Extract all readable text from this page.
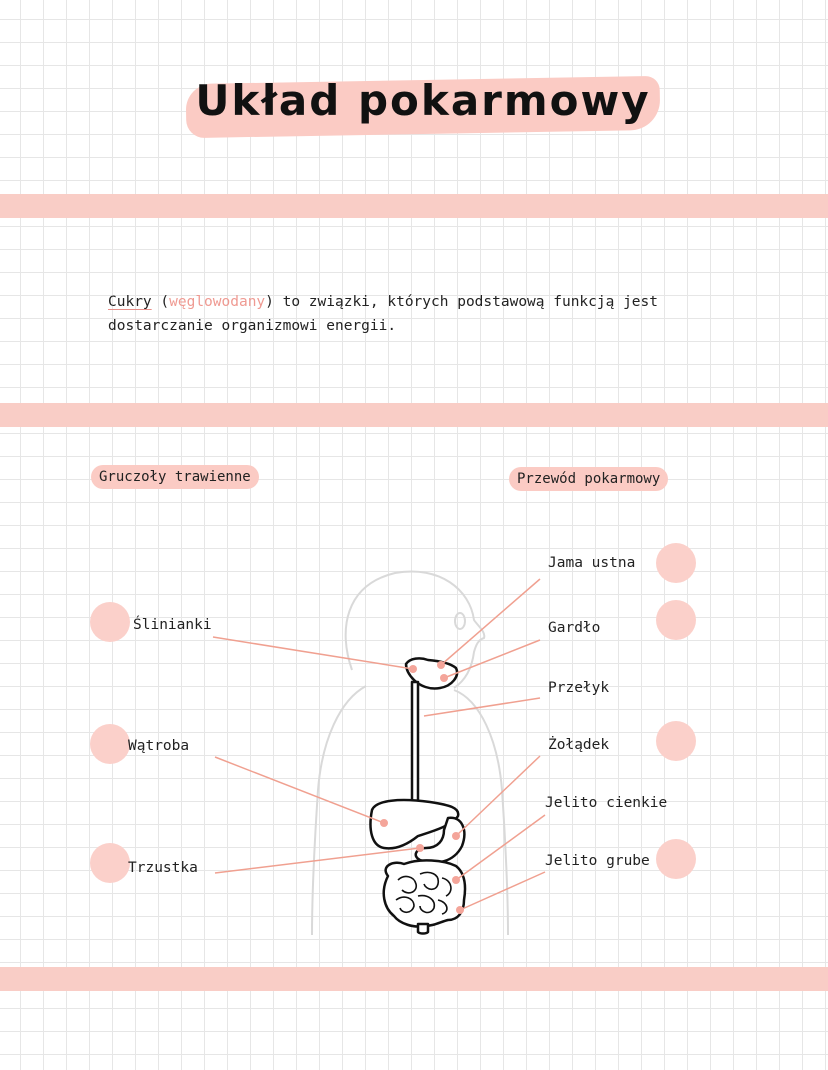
Układ pokarmowy
Cukry (węglowodany) to związki, których podstawową funkcją jest
dostarczanie organizmowi energii.
Gruczoły trawienne	Przewód pokarmowy
Ślinianki
Wątroba
Trzustka
Jama ustna
Gardło
Przełyk
Żołądek
Jelito cienkie
Jelito grube
